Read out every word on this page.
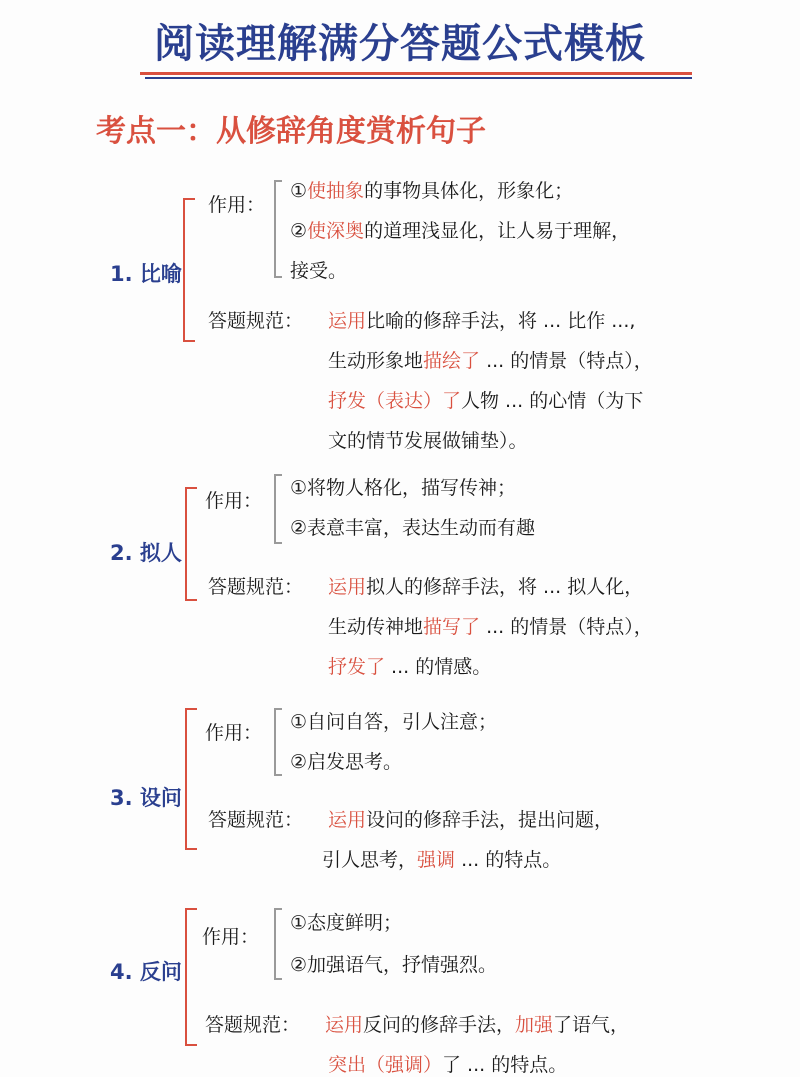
阅读理解满分答题公式模板
考点一：从修辞角度赏析句子
1. 比喻
作用：
①使抽象的事物具体化，形象化；
②使深奥的道理浅显化，让人易于理解，
接受。
答题规范： 运用比喻的修辞手法，将 ... 比作 ...,
生动形象地描绘了 ... 的情景（特点），
抒发（表达）了人物 ... 的心情（为下
文的情节发展做铺垫）。
2. 拟人
作用：
①将物人格化，描写传神；
②表意丰富，表达生动而有趣
答题规范： 运用拟人的修辞手法，将 ... 拟人化，
生动传神地描写了 ... 的情景（特点），
抒发了 ... 的情感。
3. 设问
作用： ①自问自答，引人注意；
②启发思考。
答题规范： 运用设问的修辞手法，提出问题，
引人思考，强调 ... 的特点。
4. 反问
作用：
①态度鲜明；
②加强语气，抒情强烈。
答题规范： 运用反问的修辞手法，加强了语气，
突出（强调）了 ... 的特点。
